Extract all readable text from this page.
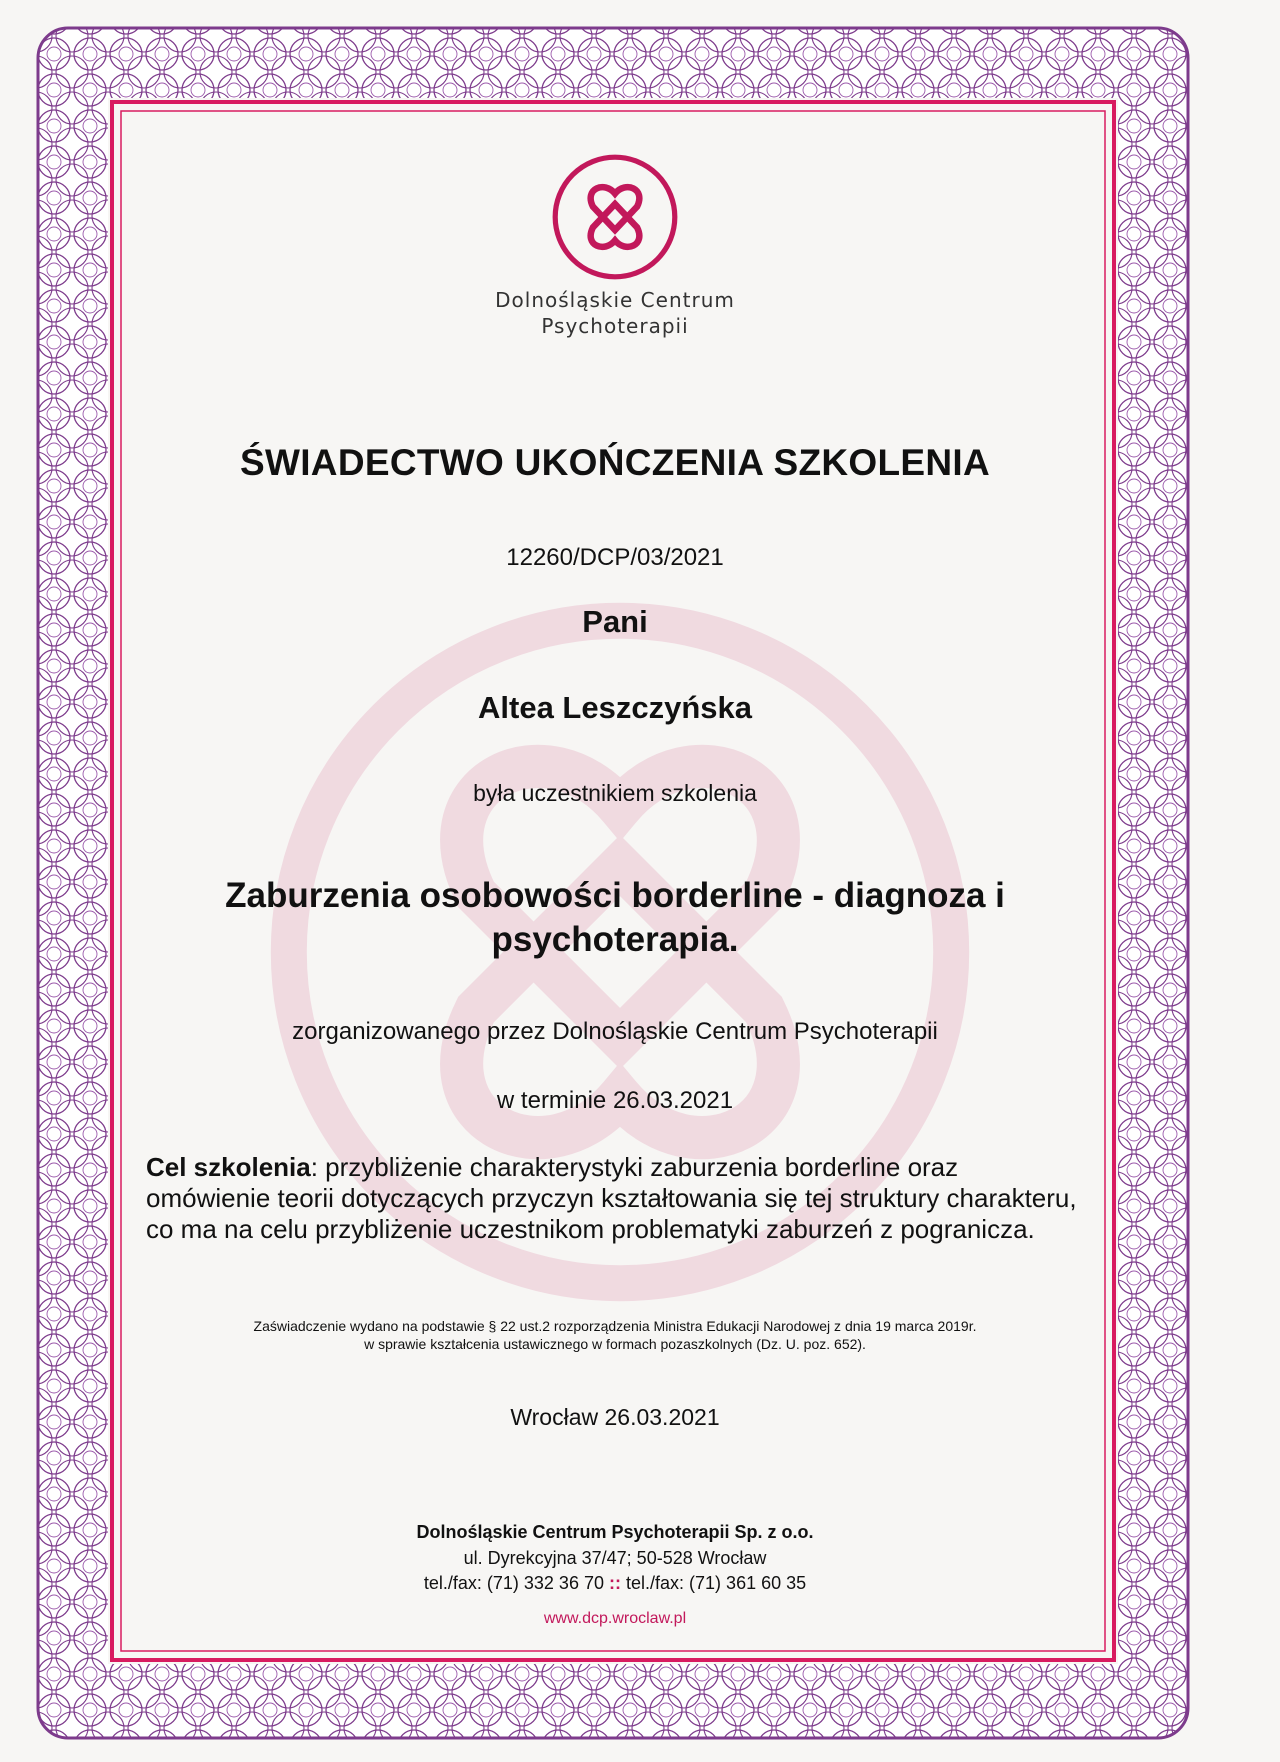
Dolnośląskie Centrum
Psychoterapii
ŚWIADECTWO UKOŃCZENIA SZKOLENIA
12260/DCP/03/2021
Pani
Altea Leszczyńska
była uczestnikiem szkolenia
Zaburzenia osobowości borderline - diagnoza i
psychoterapia.
zorganizowanego przez Dolnośląskie Centrum Psychoterapii
w terminie 26.03.2021
Cel szkolenia: przybliżenie charakterystyki zaburzenia borderline oraz omówienie teorii dotyczących przyczyn kształtowania się tej struktury charakteru, co ma na celu przybliżenie uczestnikom problematyki zaburzeń z pogranicza.
Zaświadczenie wydano na podstawie § 22 ust.2 rozporządzenia Ministra Edukacji Narodowej z dnia 19 marca 2019r.
w sprawie kształcenia ustawicznego w formach pozaszkolnych (Dz. U. poz. 652).
Wrocław 26.03.2021
Dolnośląskie Centrum Psychoterapii Sp. z o.o.
ul. Dyrekcyjna 37/47; 50-528 Wrocław
tel./fax: (71) 332 36 70 :: tel./fax: (71) 361 60 35
www.dcp.wroclaw.pl
